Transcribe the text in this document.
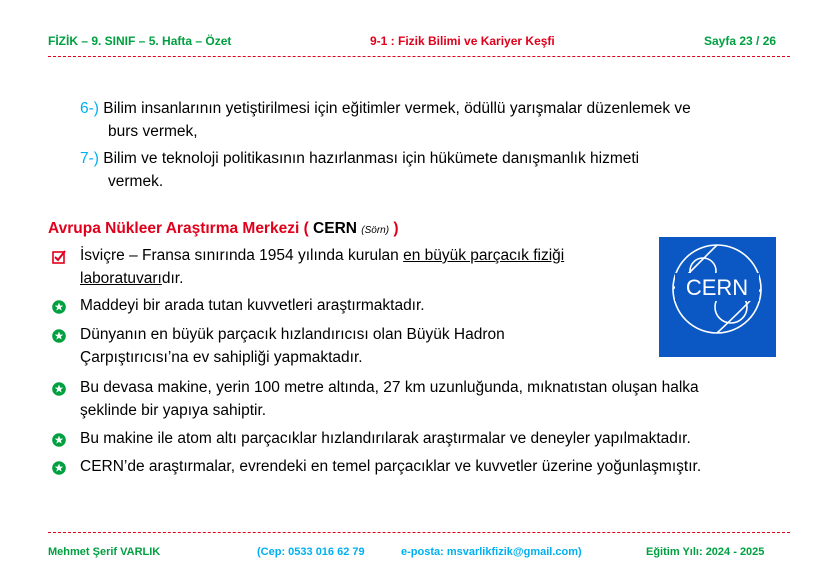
FİZİK – 9. SINIF – 5. Hafta – Özet	9-1 : Fizik Bilimi ve Kariyer Keşfi	Sayfa 23 / 26
6-) Bilim insanlarının yetiştirilmesi için eğitimler vermek, ödüllü yarışmalar düzenlemek ve
burs vermek,
7-) Bilim ve teknoloji politikasının hazırlanması için hükümete danışmanlık hizmeti
vermek.
Avrupa Nükleer Araştırma Merkezi ( CERN (Sörn) )
İsviçre – Fransa sınırında 1954 yılında kurulan en büyük parçacık fiziği
laboratuvarıdır.
Maddeyi bir arada tutan kuvvetleri araştırmaktadır.
Dünyanın en büyük parçacık hızlandırıcısı olan Büyük Hadron
Çarpıştırıcısı’na ev sahipliği yapmaktadır.
Bu devasa makine, yerin 100 metre altında, 27 km uzunluğunda, mıknatıstan oluşan halka
şeklinde bir yapıya sahiptir.
Bu makine ile atom altı parçacıklar hızlandırılarak araştırmalar ve deneyler yapılmaktadır.
CERN’de araştırmalar, evrendeki en temel parçacıklar ve kuvvetler üzerine yoğunlaşmıştır.
CERN
Mehmet Şerif VARLIK	(Cep: 0533 016 62 79	e-posta: msvarlikfizik@gmail.com)	Eğitim Yılı: 2024 - 2025
